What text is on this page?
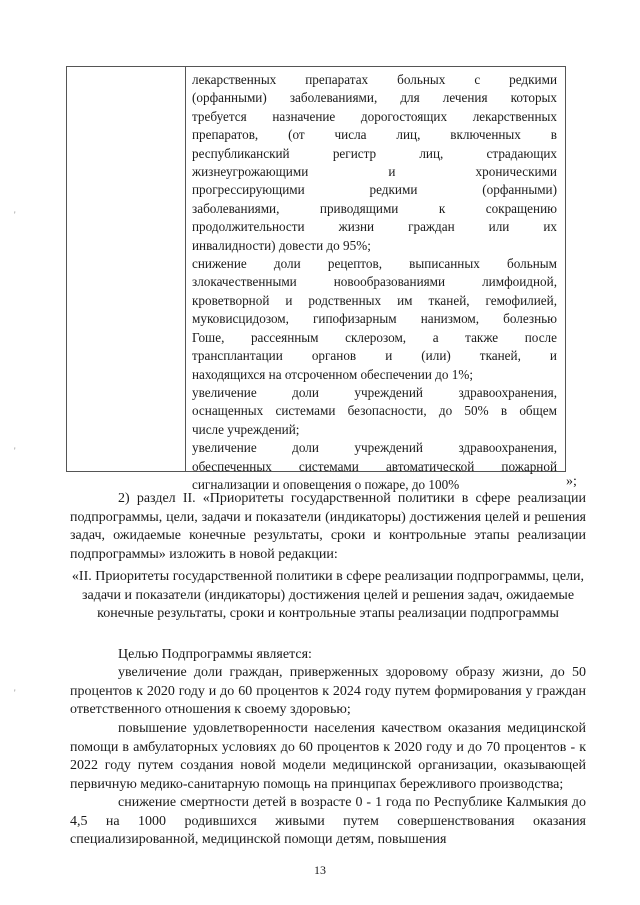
лекарственных препаратах больных с редкими
(орфанными) заболеваниями, для лечения которых
требуется назначение дорогостоящих лекарственных
препаратов, (от числа лиц, включенных в
республиканский регистр лиц, страдающих
жизнеугрожающими и хроническими
прогрессирующими редкими (орфанными)
заболеваниями, приводящими к сокращению
продолжительности жизни граждан или их
инвалидности) довести до 95%;
снижение доли рецептов, выписанных больным
злокачественными новообразованиями лимфоидной,
кроветворной и родственных им тканей, гемофилией,
муковисцидозом, гипофизарным нанизмом, болезнью
Гоше, рассеянным склерозом, а также после
трансплантации органов и (или) тканей, и
находящихся на отсроченном обеспечении до 1%;
увеличение доли учреждений здравоохранения,
оснащенных системами безопасности, до 50% в общем
числе учреждений;
увеличение доли учреждений здравоохранения,
обеспеченных системами автоматической пожарной
сигнализации и оповещения о пожаре, до 100%	»;
2) раздел II. «Приоритеты государственной политики в сфере реализации подпрограммы, цели, задачи и показатели (индикаторы) достижения целей и решения задач, ожидаемые конечные результаты, сроки и контрольные этапы реализации подпрограммы» изложить в новой редакции:
«II. Приоритеты государственной политики в сфере реализации подпрограммы, цели, задачи и показатели (индикаторы) достижения целей и решения задач, ожидаемые конечные результаты, сроки и контрольные этапы реализации подпрограммы
Целью Подпрограммы является:
увеличение доли граждан, приверженных здоровому образу жизни, до 50 процентов к 2020 году и до 60 процентов к 2024 году путем формирования у граждан ответственного отношения к своему здоровью;
повышение удовлетворенности населения качеством оказания медицинской помощи в амбулаторных условиях до 60 процентов к 2020 году и до 70 процентов - к 2022 году путем создания новой модели медицинской организации, оказывающей первичную медико-санитарную помощь на принципах бережливого производства;
снижение смертности детей в возрасте 0 - 1 года по Республике Калмыкия до 4,5 на 1000 родившихся живыми путем совершенствования оказания специализированной, медицинской помощи детям, повышения
'
'
'
13
